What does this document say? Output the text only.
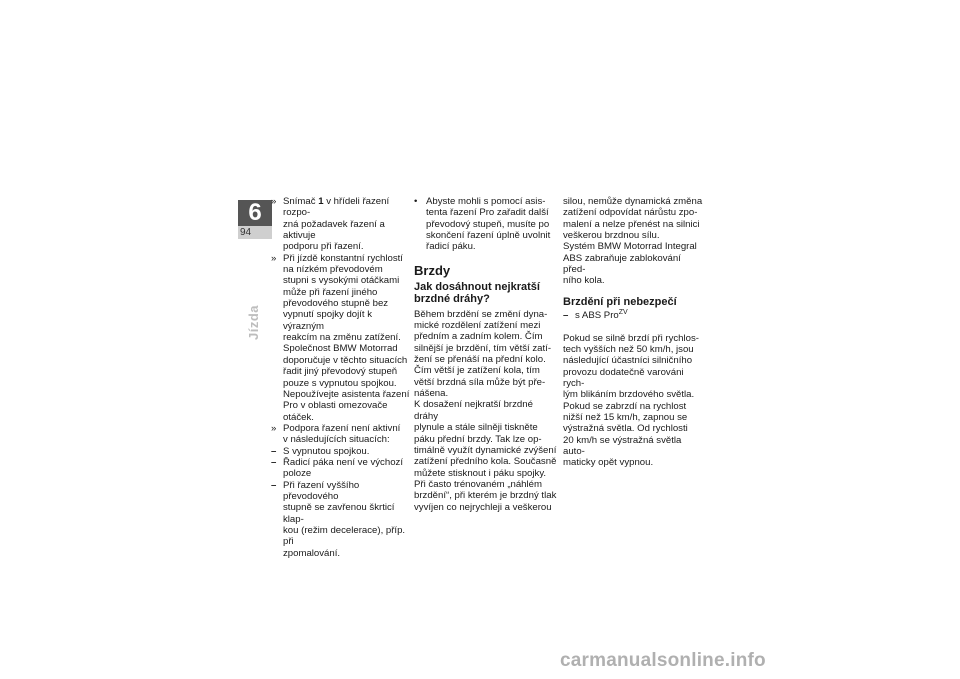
6
94
Jízda
» Snímač 1 v hřídeli řazení rozpo-
zná požadavek řazení a aktivuje
podporu při řazení.
» Při jízdě konstantní rychlostí
na nízkém převodovém
stupni s vysokými otáčkami
může při řazení jiného
převodového stupně bez
vypnutí spojky dojít k výrazným
reakcím na změnu zatížení.
Společnost BMW Motorrad
doporučuje v těchto situacích
řadit jiný převodový stupeň
pouze s vypnutou spojkou.
Nepoužívejte asistenta řazení
Pro v oblasti omezovače
otáček.
» Podpora řazení není aktivní
v následujících situacích:
– S vypnutou spojkou.
– Řadicí páka není ve výchozí
poloze
– Při řazení vyššího převodového
stupně se zavřenou škrticí klap-
kou (režim decelerace), příp. při
zpomalování.
• Abyste mohli s pomocí asis-
tenta řazení Pro zařadit další
převodový stupeň, musíte po
skončení řazení úplně uvolnit
řadicí páku.
Brzdy
Jak dosáhnout nejkratší
brzdné dráhy?
Během brzdění se změní dyna-
mické rozdělení zatížení mezi
předním a zadním kolem. Čím
silnější je brzdění, tím větší zatí-
žení se přenáší na přední kolo.
Čím větší je zatížení kola, tím
větší brzdná síla může být pře-
nášena.
K dosažení nejkratší brzdné dráhy
plynule a stále silněji tiskněte
páku přední brzdy. Tak lze op-
timálně využít dynamické zvýšení
zatížení předního kola. Současně
můžete stisknout i páku spojky.
Při často trénovaném „náhlém
brzdění“, při kterém je brzdný tlak
vyvíjen co nejrychleji a veškerou
silou, nemůže dynamická změna
zatížení odpovídat nárůstu zpo-
malení a nelze přenést na silnici
veškerou brzdnou sílu.
Systém BMW Motorrad Integral
ABS zabraňuje zablokování před-
ního kola.
Brzdění při nebezpečí
– s ABS Pro$^{ZV}$
Pokud se silně brzdí při rychlos-
tech vyšších než 50 km/h, jsou
následující účastníci silničního
provozu dodatečně varováni rych-
lým blikáním brzdového světla.
Pokud se zabrzdí na rychlost
nižší než 15 km/h, zapnou se
výstražná světla. Od rychlosti
20 km/h se výstražná světla auto-
maticky opět vypnou.
carmanualsonline.info
